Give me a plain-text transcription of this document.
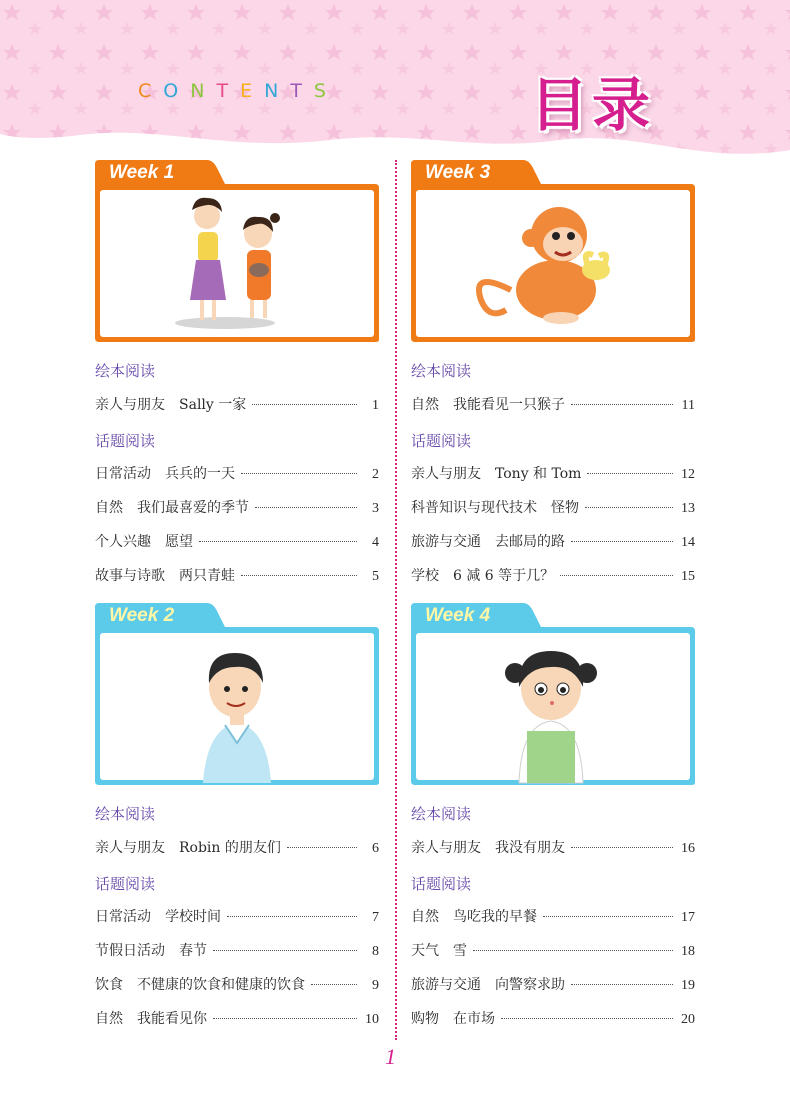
CONTENTS	目录
Week 1
绘本阅读
亲人与朋友 Sally 一家	1
话题阅读
日常活动 兵兵的一天	2
自然 我们最喜爱的季节	3
个人兴趣 愿望	4
故事与诗歌 两只青蛙	5
Week 3
绘本阅读
自然 我能看见一只猴子	11
话题阅读
亲人与朋友 Tony 和 Tom	12
科普知识与现代技术 怪物	13
旅游与交通 去邮局的路	14
学校 6 减 6 等于几？	15
Week 2
绘本阅读
亲人与朋友 Robin 的朋友们	6
话题阅读
日常活动 学校时间	7
节假日活动 春节	8
饮食 不健康的饮食和健康的饮食	9
自然 我能看见你	10
Week 4
绘本阅读
亲人与朋友 我没有朋友	16
话题阅读
自然 鸟吃我的早餐	17
天气 雪	18
旅游与交通 向警察求助	19
购物 在市场	20
1
